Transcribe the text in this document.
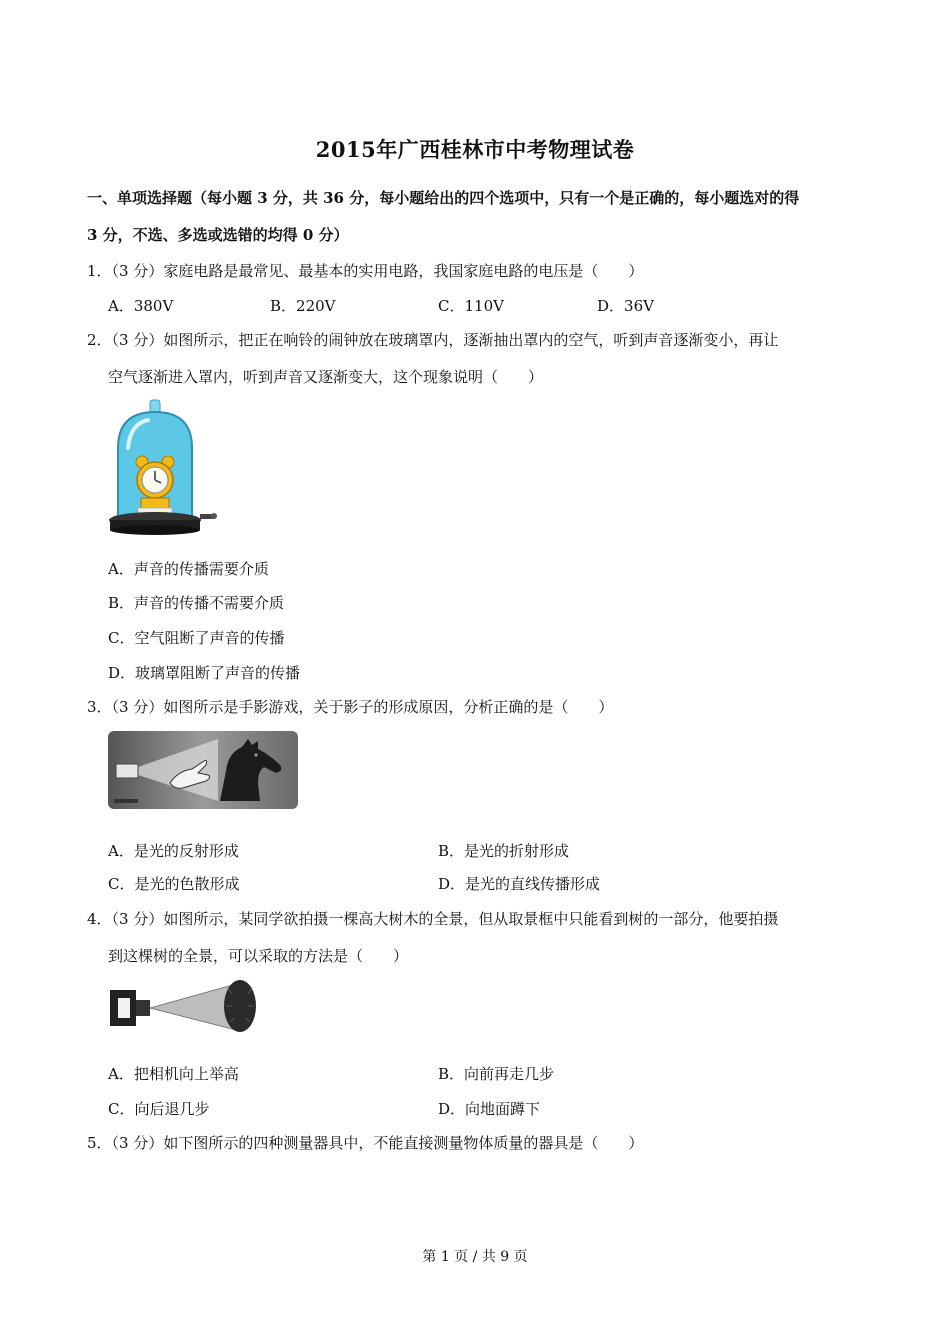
2015年广西桂林市中考物理试卷
一、单项选择题（每小题 3 分，共 36 分，每小题给出的四个选项中，只有一个是正确的，每小题选对的得
3 分，不选、多选或选错的均得 0 分）
1．（3 分）家庭电路是最常见、最基本的实用电路，我国家庭电路的电压是（　　）
A．380V	B．220V	C．110V	D．36V
2．（3 分）如图所示，把正在响铃的闹钟放在玻璃罩内，逐渐抽出罩内的空气，听到声音逐渐变小，再让
空气逐渐进入罩内，听到声音又逐渐变大，这个现象说明（　　）
A．声音的传播需要介质
B．声音的传播不需要介质
C．空气阻断了声音的传播
D．玻璃罩阻断了声音的传播
3．（3 分）如图所示是手影游戏，关于影子的形成原因，分析正确的是（　　）
A．是光的反射形成	B．是光的折射形成
C．是光的色散形成	D．是光的直线传播形成
4．（3 分）如图所示，某同学欲拍摄一棵高大树木的全景，但从取景框中只能看到树的一部分，他要拍摄
到这棵树的全景，可以采取的方法是（　　）
A．把相机向上举高	B．向前再走几步
C．向后退几步	D．向地面蹲下
5．（3 分）如下图所示的四种测量器具中，不能直接测量物体质量的器具是（　　）
第 1 页 / 共 9 页
